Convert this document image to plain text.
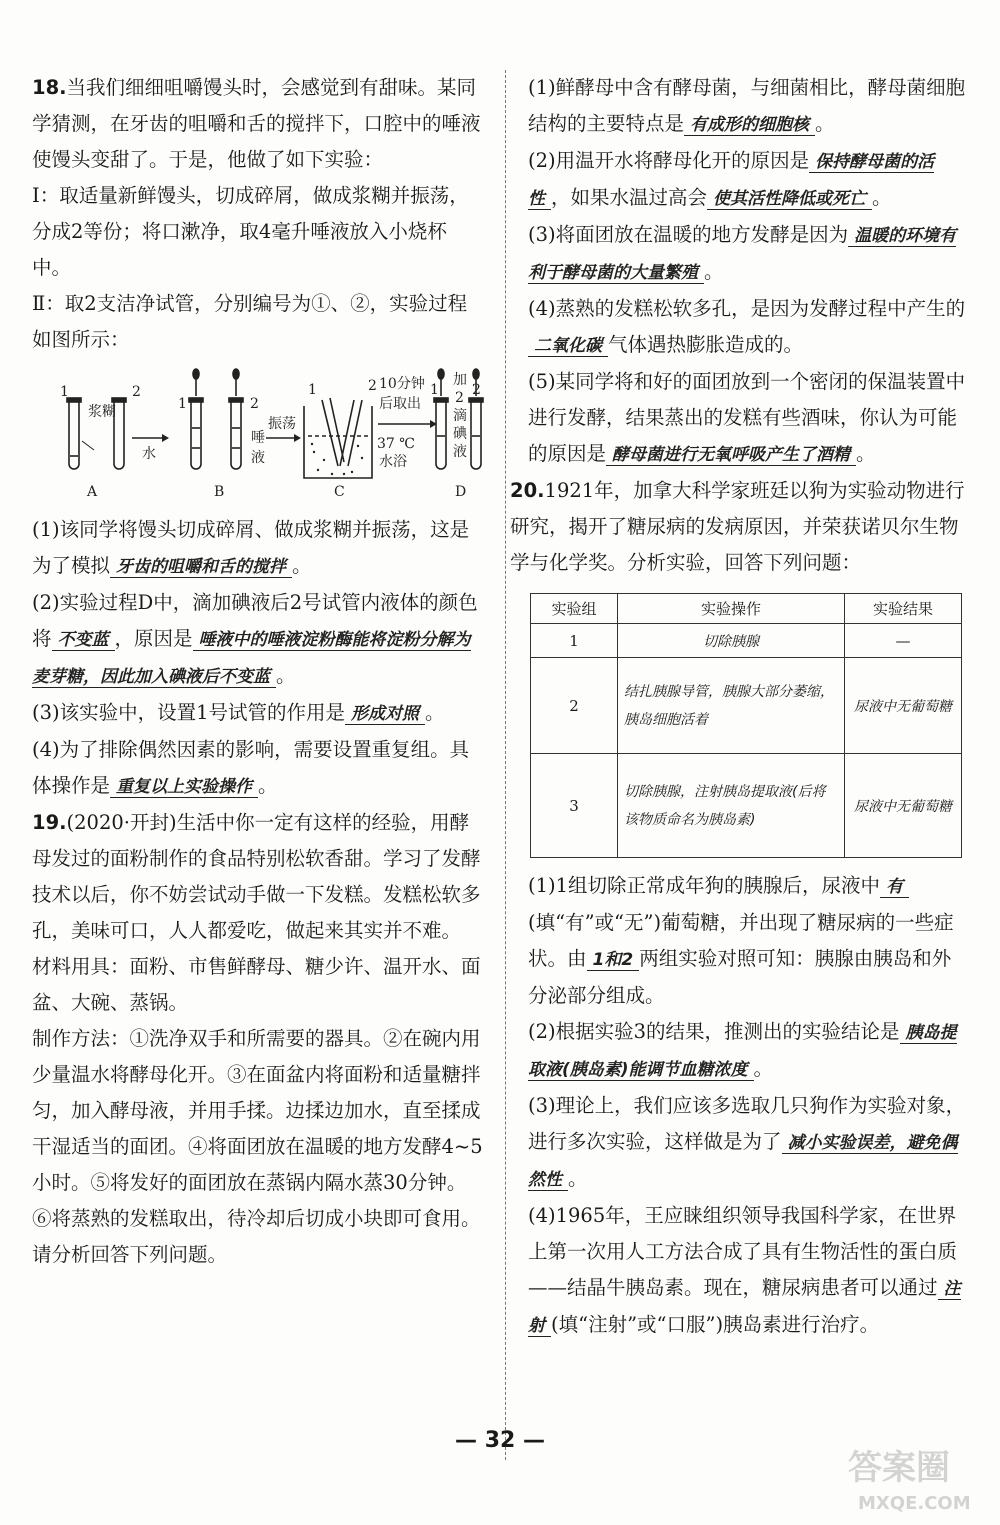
18.当我们细细咀嚼馒头时，会感觉到有甜味。某同学猜测，在牙齿的咀嚼和舌的搅拌下，口腔中的唾液使馒头变甜了。于是，他做了如下实验：

Ⅰ：取适量新鲜馒头，切成碎屑，做成浆糊并振荡，分成2等份；将口漱净，取4毫升唾液放入小烧杯中。

Ⅱ：取2支洁净试管，分别编号为①、②，实验过程如图所示：

1	2
浆糊
A
水
1	2
唾
液
B
振荡
1	2
C
10分钟
后取出
37 ℃
水浴
1 2
加
2
滴
碘
液
D

(1)该同学将馒头切成碎屑、做成浆糊并振荡，这是为了模拟 牙齿的咀嚼和舌的搅拌 。

(2)实验过程D中，滴加碘液后2号试管内液体的颜色将 不变蓝 ，原因是 唾液中的唾液淀粉酶能将淀粉分解为麦芽糖，因此加入碘液后不变蓝 。

(3)该实验中，设置1号试管的作用是 形成对照 。

(4)为了排除偶然因素的影响，需要设置重复组。具体操作是 重复以上实验操作 。

19.(2020·开封)生活中你一定有这样的经验，用酵母发过的面粉制作的食品特别松软香甜。学习了发酵技术以后，你不妨尝试动手做一下发糕。发糕松软多孔，美味可口，人人都爱吃，做起来其实并不难。

材料用具：面粉、市售鲜酵母、糖少许、温开水、面盆、大碗、蒸锅。

制作方法：①洗净双手和所需要的器具。②在碗内用少量温水将酵母化开。③在面盆内将面粉和适量糖拌匀，加入酵母液，并用手揉。边揉边加水，直至揉成干湿适当的面团。④将面团放在温暖的地方发酵4~5小时。⑤将发好的面团放在蒸锅内隔水蒸30分钟。⑥将蒸熟的发糕取出，待冷却后切成小块即可食用。

请分析回答下列问题。

(1)鲜酵母中含有酵母菌，与细菌相比，酵母菌细胞结构的主要特点是 有成形的细胞核 。

(2)用温开水将酵母化开的原因是 保持酵母菌的活性 ，如果水温过高会 使其活性降低或死亡 。

(3)将面团放在温暖的地方发酵是因为 温暖的环境有利于酵母菌的大量繁殖 。

(4)蒸熟的发糕松软多孔，是因为发酵过程中产生的二氧化碳 气体遇热膨胀造成的。

(5)某同学将和好的面团放到一个密闭的保温装置中进行发酵，结果蒸出的发糕有些酒味，你认为可能的原因是 酵母菌进行无氧呼吸产生了酒精 。

20.1921年，加拿大科学家班廷以狗为实验动物进行研究，揭开了糖尿病的发病原因，并荣获诺贝尔生物学与化学奖。分析实验，回答下列问题：

实验组	实验操作	实验结果
1	切除胰腺	—
2	结扎胰腺导管，胰腺大部分萎缩，胰岛细胞活着	尿液中无葡萄糖
3	切除胰腺，注射胰岛提取液(后将该物质命名为胰岛素)	尿液中无葡萄糖

(1)1组切除正常成年狗的胰腺后，尿液中 有(填“有”或“无”)葡萄糖，并出现了糖尿病的一些症状。由 1和2 两组实验对照可知：胰腺由胰岛和外分泌部分组成。

(2)根据实验3的结果，推测出的实验结论是 胰岛提取液(胰岛素)能调节血糖浓度 。

(3)理论上，我们应该多选取几只狗作为实验对象，进行多次实验，这样做是为了 减小实验误差，避免偶然性 。

(4)1965年，王应睐组织领导我国科学家，在世界上第一次用人工方法合成了具有生物活性的蛋白质——结晶牛胰岛素。现在，糖尿病患者可以通过 注射 (填“注射”或“口服”)胰岛素进行治疗。

— 32 —
答案圈
MXQE.COM
